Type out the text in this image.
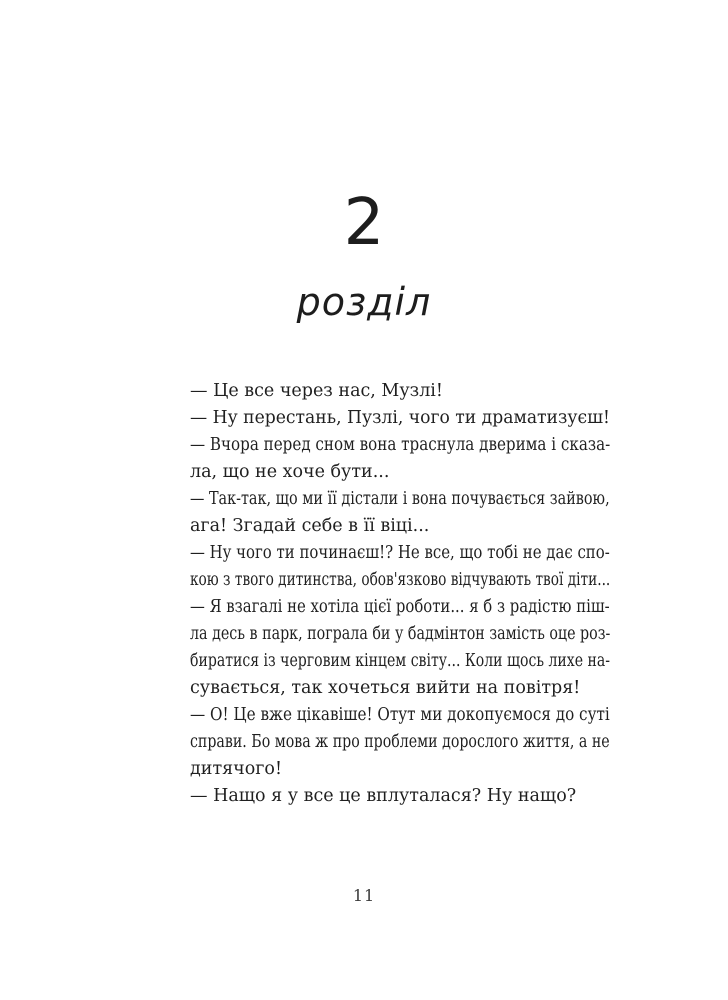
2
розділ
— Це все через нас, Музлі!
— Ну перестань, Пузлі, чого ти драматизуєш!
— Вчора перед сном вона траснула дверима і сказа-
ла, що не хоче бути...
— Так-так, що ми її дістали і вона почувається зайвою,
ага! Згадай себе в її віці...
— Ну чого ти починаєш!? Не все, що тобі не дає спо-
кою з твого дитинства, обов'язково відчувають твої діти...
— Я взагалі не хотіла цієї роботи... я б з радістю піш-
ла десь в парк, пограла би у бадмінтон замість оце роз-
биратися із черговим кінцем світу... Коли щось лихе на-
сувається, так хочеться вийти на повітря!
— О! Це вже цікавіше! Отут ми докопуємося до суті
справи. Бо мова ж про проблеми дорослого життя, а не
дитячого!
— Нащо я у все це вплуталася? Ну нащо?
11
